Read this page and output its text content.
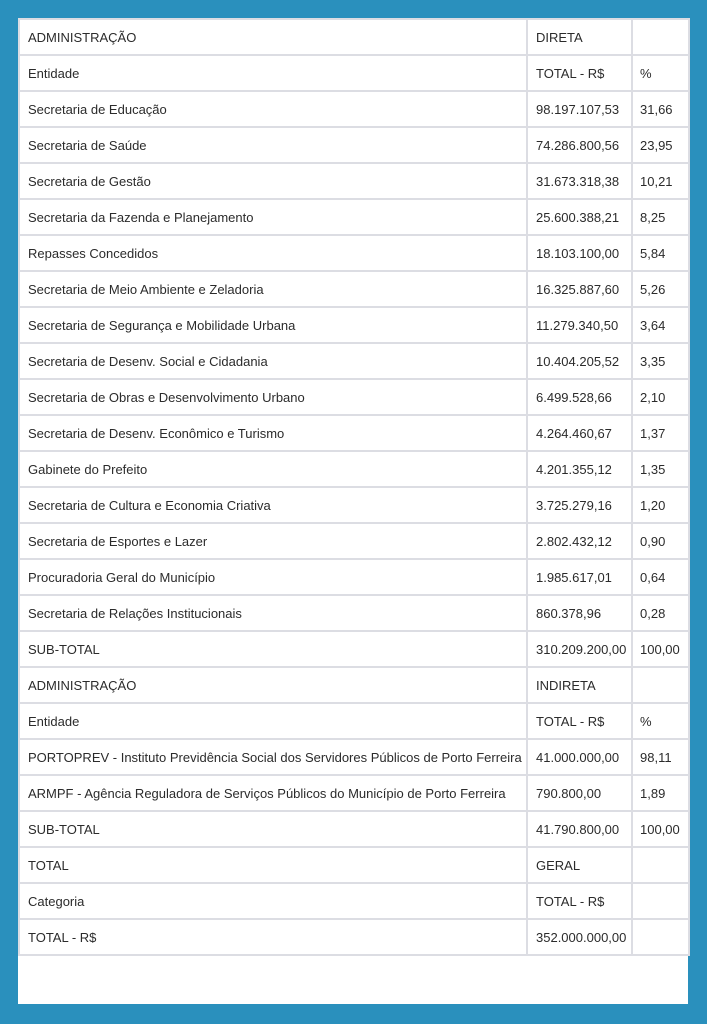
ADMINISTRAÇÃO	DIRETA	
Entidade	TOTAL - R$	%
Secretaria de Educação	98.197.107,53	31,66
Secretaria de Saúde	74.286.800,56	23,95
Secretaria de Gestão	31.673.318,38	10,21
Secretaria da Fazenda e Planejamento	25.600.388,21	8,25
Repasses Concedidos	18.103.100,00	5,84
Secretaria de Meio Ambiente e Zeladoria	16.325.887,60	5,26
Secretaria de Segurança e Mobilidade Urbana	11.279.340,50	3,64
Secretaria de Desenv. Social e Cidadania	10.404.205,52	3,35
Secretaria de Obras e Desenvolvimento Urbano	6.499.528,66	2,10
Secretaria de Desenv. Econômico e Turismo	4.264.460,67	1,37
Gabinete do Prefeito	4.201.355,12	1,35
Secretaria de Cultura e Economia Criativa	3.725.279,16	1,20
Secretaria de Esportes e Lazer	2.802.432,12	0,90
Procuradoria Geral do Município	1.985.617,01	0,64
Secretaria de Relações Institucionais	860.378,96	0,28
SUB-TOTAL	310.209.200,00	100,00
ADMINISTRAÇÃO	INDIRETA	
Entidade	TOTAL - R$	%
PORTOPREV - Instituto Previdência Social dos Servidores Públicos de Porto Ferreira	41.000.000,00	98,11
ARMPF - Agência Reguladora de Serviços Públicos do Município de Porto Ferreira	790.800,00	1,89
SUB-TOTAL	41.790.800,00	100,00
TOTAL	GERAL	
Categoria	TOTAL - R$	
TOTAL - R$	352.000.000,00	
